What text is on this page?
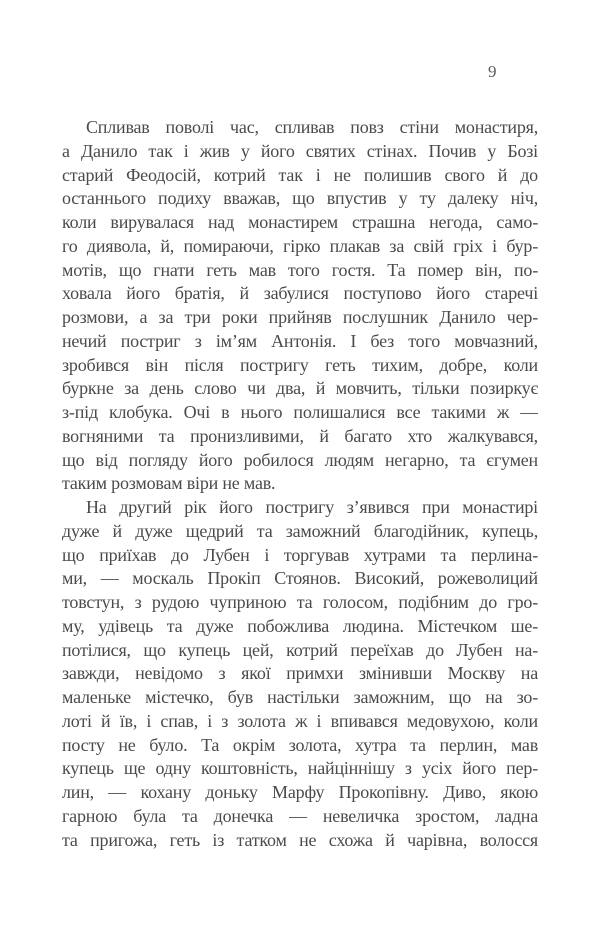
9
Спливав поволі час, спливав повз стіни монастиря,
а Данило так і жив у його святих стінах. Почив у Бозі
старий Феодосій, котрий так і не полишив свого й до
останнього подиху вважав, що впустив у ту далеку ніч,
коли вирувалася над монастирем страшна негода, само-
го диявола, й, помираючи, гірко плакав за свій гріх і бур-
мотів, що гнати геть мав того гостя. Та помер він, по-
ховала його братія, й забулися поступово його старечі
розмови, а за три роки прийняв послушник Данило чер-
нечий постриг з ім’ям Антонія. І без того мовчазний,
зробився він після постригу геть тихим, добре, коли
буркне за день слово чи два, й мовчить, тільки позиркує
з-під клобука. Очі в нього полишалися все такими ж —
вогняними та пронизливими, й багато хто жалкувався,
що від погляду його робилося людям негарно, та єгумен
таким розмовам віри не мав.
На другий рік його постригу з’явився при монастирі
дуже й дуже щедрий та заможний благодійник, купець,
що приїхав до Лубен і торгував хутрами та перлина-
ми, — москаль Прокіп Стоянов. Високий, рожеволиций
товстун, з рудою чуприною та голосом, подібним до гро-
му, удівець та дуже побожлива людина. Містечком ше-
потілися, що купець цей, котрий переїхав до Лубен на-
завжди, невідомо з якої примхи змінивши Москву на
маленьке містечко, був настільки заможним, що на зо-
лоті й їв, і спав, і з золота ж і впивався медовухою, коли
посту не було. Та окрім золота, хутра та перлин, мав
купець ще одну коштовність, найціннішу з усіх його пер-
лин, — кохану доньку Марфу Прокопівну. Диво, якою
гарною була та донечка — невеличка зростом, ладна
та пригожа, геть із татком не схожа й чарівна, волосся
